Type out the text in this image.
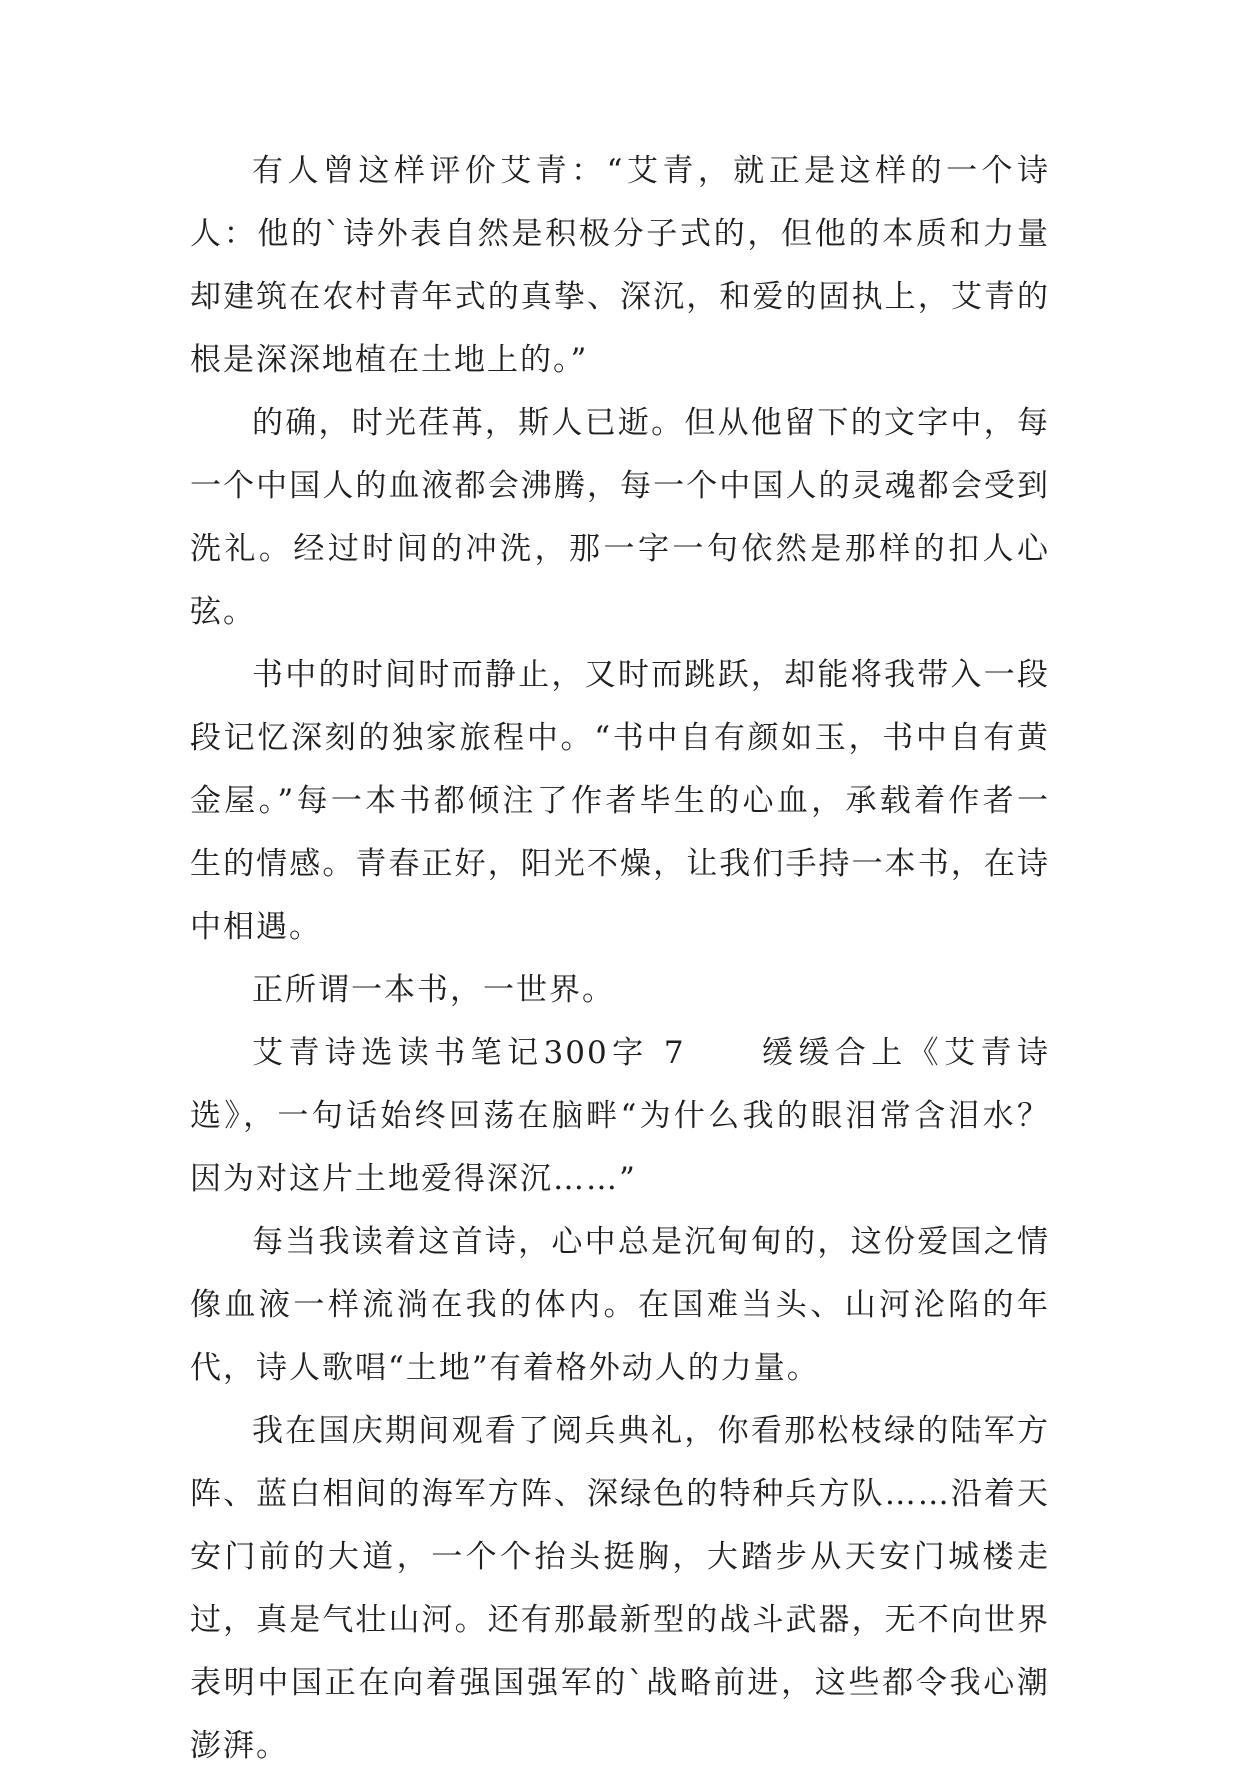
有人曾这样评价艾青：“艾青，就正是这样的一个诗人：他的`诗外表自然是积极分子式的，但他的本质和力量却建筑在农村青年式的真挚、深沉，和爱的固执上，艾青的根是深深地植在土地上的。”

的确，时光荏苒，斯人已逝。但从他留下的文字中，每一个中国人的血液都会沸腾，每一个中国人的灵魂都会受到洗礼。经过时间的冲洗，那一字一句依然是那样的扣人心弦。

书中的时间时而静止，又时而跳跃，却能将我带入一段段记忆深刻的独家旅程中。“书中自有颜如玉，书中自有黄金屋。”每一本书都倾注了作者毕生的心血，承载着作者一生的情感。青春正好，阳光不燥，让我们手持一本书，在诗中相遇。

正所谓一本书，一世界。

艾青诗选读书笔记300字 7　　缓缓合上《艾青诗选》，一句话始终回荡在脑畔“为什么我的眼泪常含泪水？因为对这片土地爱得深沉……”

每当我读着这首诗，心中总是沉甸甸的，这份爱国之情像血液一样流淌在我的体内。在国难当头、山河沦陷的年代，诗人歌唱“土地”有着格外动人的力量。

我在国庆期间观看了阅兵典礼，你看那松枝绿的陆军方阵、蓝白相间的海军方阵、深绿色的特种兵方队……沿着天安门前的大道，一个个抬头挺胸，大踏步从天安门城楼走过，真是气壮山河。还有那最新型的战斗武器，无不向世界表明中国正在向着强国强军的`战略前进，这些都令我心潮澎湃。
